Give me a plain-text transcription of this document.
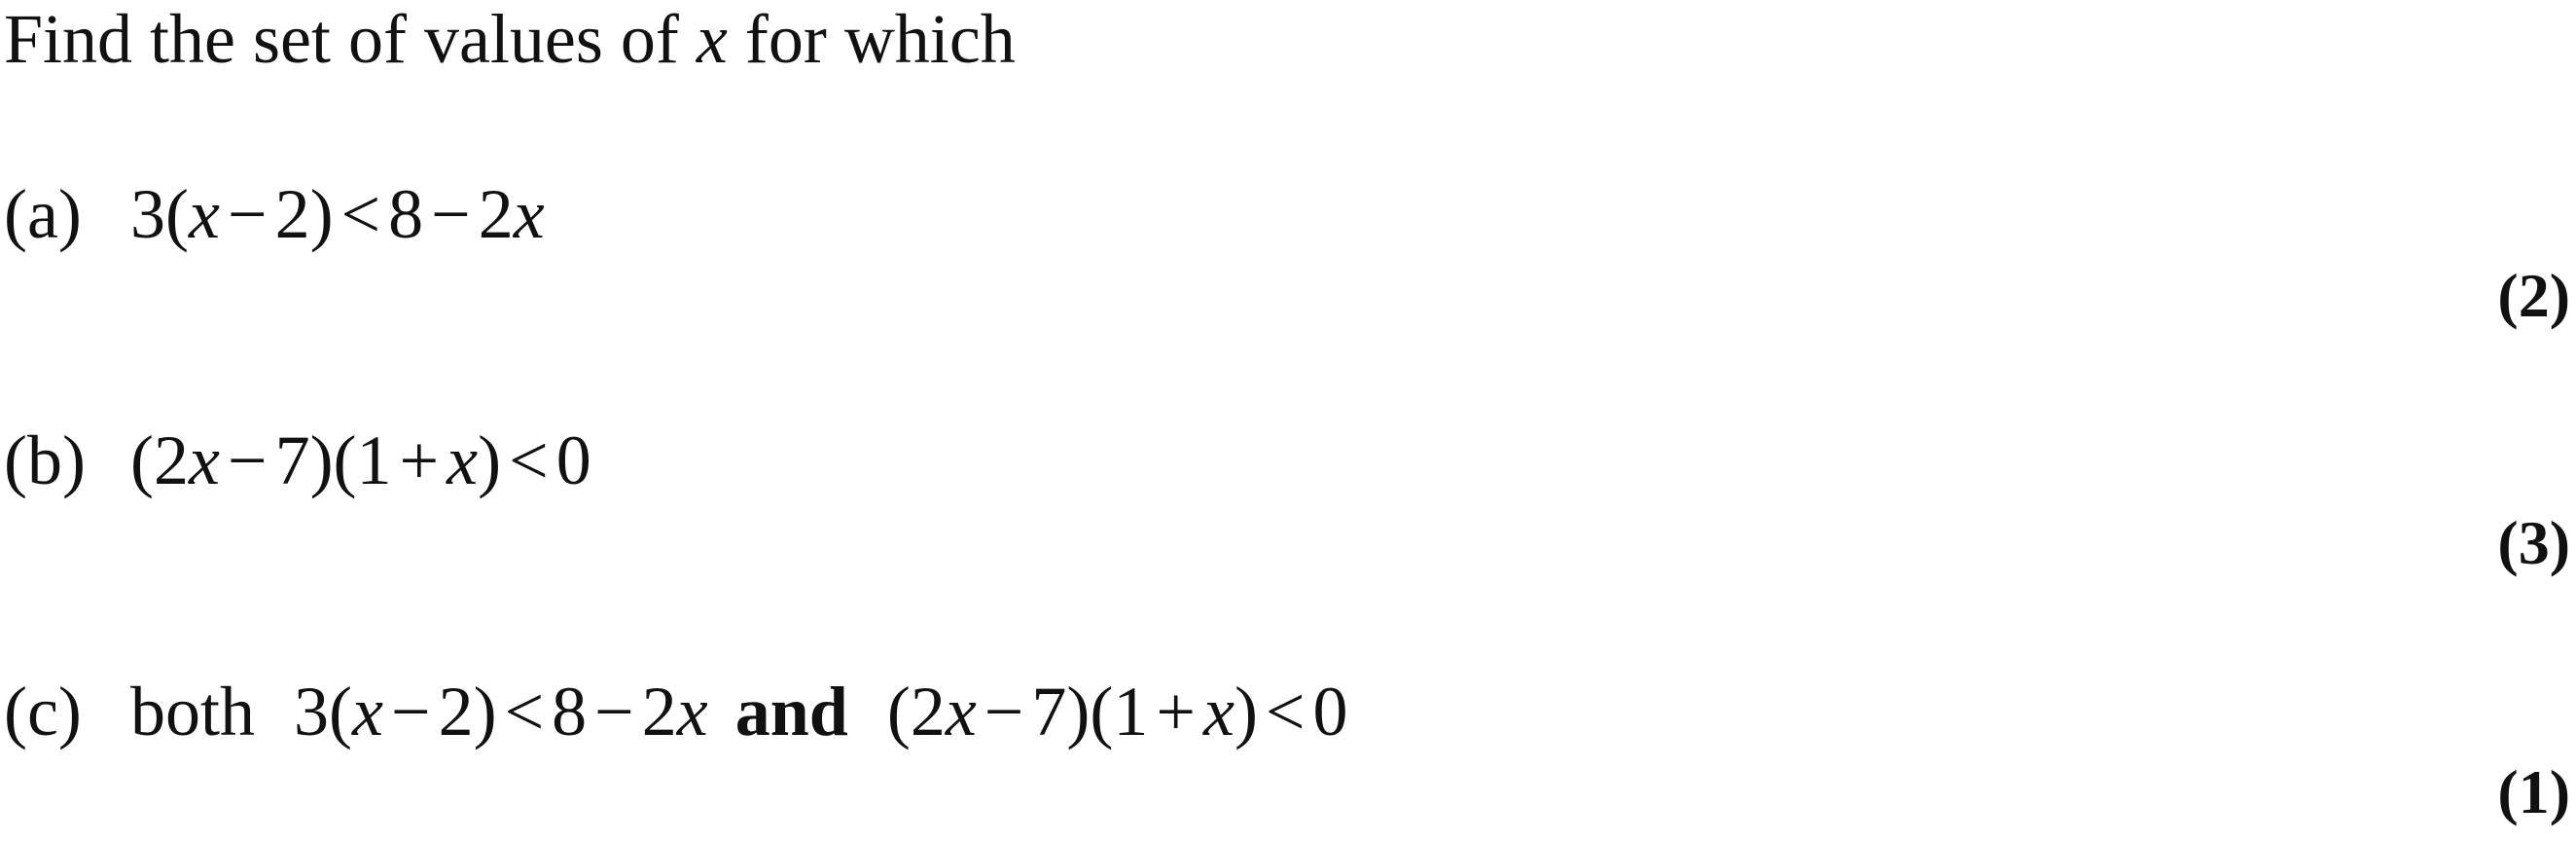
Find the set of values of x for which
(a) 3(x − 2) < 8 − 2x
(2)
(b) (2x − 7)(1 + x) < 0
(3)
(c) both 3(x − 2) < 8 − 2x and (2x − 7)(1 + x) < 0
(1)
